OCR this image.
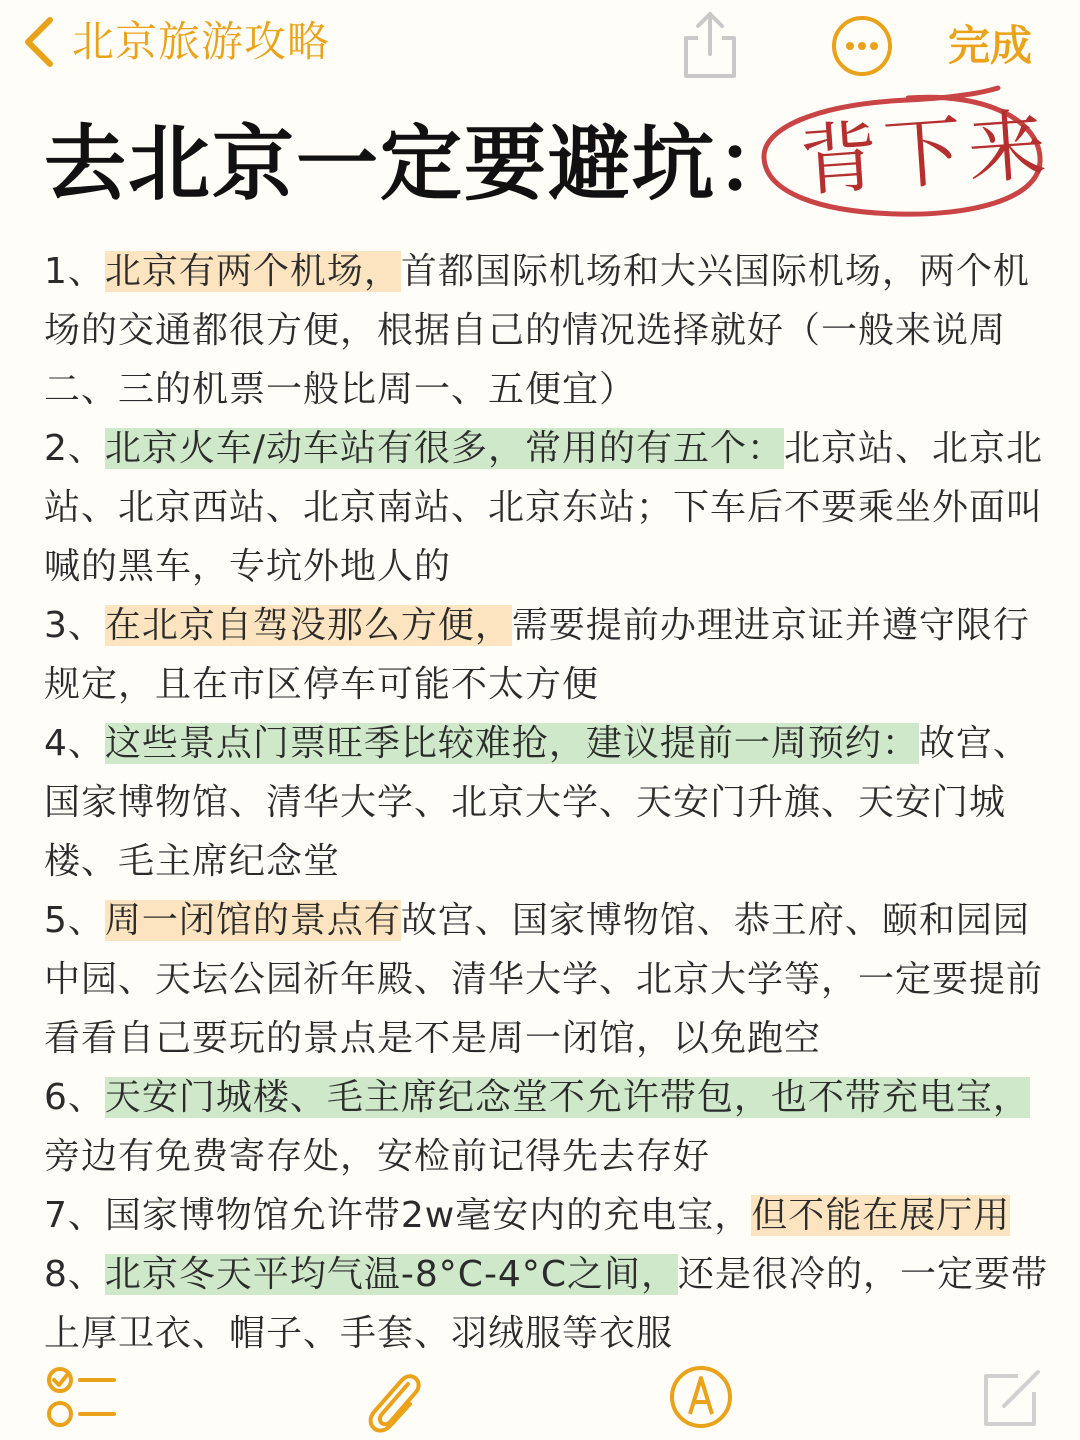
北京旅游攻略	完成
去北京一定要避坑：
背下来
1、北京有两个机场，首都国际机场和大兴国际机场，两个机场的交通都很方便，根据自己的情况选择就好（一般来说周二、三的机票一般比周一、五便宜）
2、北京火车/动车站有很多，常用的有五个：北京站、北京北站、北京西站、北京南站、北京东站；下车后不要乘坐外面叫喊的黑车，专坑外地人的
3、在北京自驾没那么方便，需要提前办理进京证并遵守限行规定，且在市区停车可能不太方便
4、这些景点门票旺季比较难抢，建议提前一周预约：故宫、国家博物馆、清华大学、北京大学、天安门升旗、天安门城楼、毛主席纪念堂
5、周一闭馆的景点有故宫、国家博物馆、恭王府、颐和园园中园、天坛公园祈年殿、清华大学、北京大学等，一定要提前看看自己要玩的景点是不是周一闭馆，以免跑空
6、天安门城楼、毛主席纪念堂不允许带包，也不带充电宝，旁边有免费寄存处，安检前记得先去存好
7、国家博物馆允许带2w毫安内的充电宝，但不能在展厅用
8、北京冬天平均气温-8°C-4°C之间，还是很冷的，一定要带上厚卫衣、帽子、手套、羽绒服等衣服
